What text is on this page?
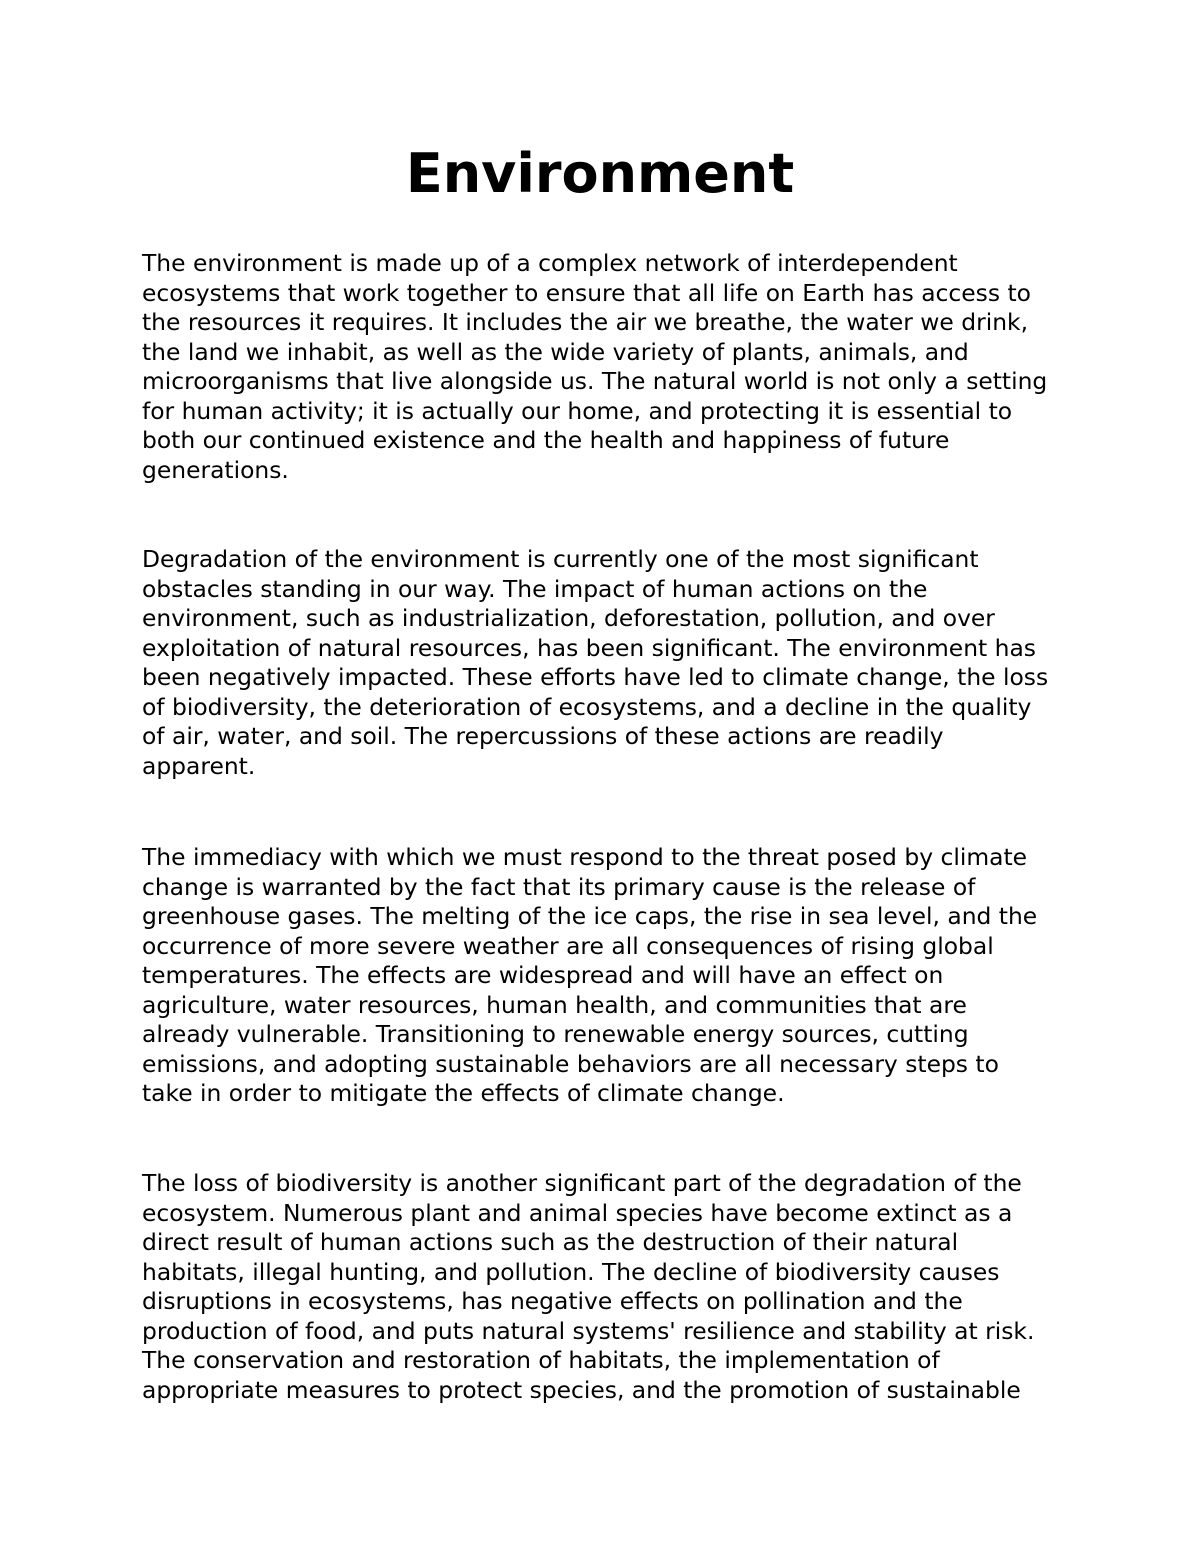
Environment

The environment is made up of a complex network of interdependent
ecosystems that work together to ensure that all life on Earth has access to
the resources it requires. It includes the air we breathe, the water we drink,
the land we inhabit, as well as the wide variety of plants, animals, and
microorganisms that live alongside us. The natural world is not only a setting
for human activity; it is actually our home, and protecting it is essential to
both our continued existence and the health and happiness of future
generations.

Degradation of the environment is currently one of the most significant
obstacles standing in our way. The impact of human actions on the
environment, such as industrialization, deforestation, pollution, and over
exploitation of natural resources, has been significant. The environment has
been negatively impacted. These efforts have led to climate change, the loss
of biodiversity, the deterioration of ecosystems, and a decline in the quality
of air, water, and soil. The repercussions of these actions are readily
apparent.

The immediacy with which we must respond to the threat posed by climate
change is warranted by the fact that its primary cause is the release of
greenhouse gases. The melting of the ice caps, the rise in sea level, and the
occurrence of more severe weather are all consequences of rising global
temperatures. The effects are widespread and will have an effect on
agriculture, water resources, human health, and communities that are
already vulnerable. Transitioning to renewable energy sources, cutting
emissions, and adopting sustainable behaviors are all necessary steps to
take in order to mitigate the effects of climate change.

The loss of biodiversity is another significant part of the degradation of the
ecosystem. Numerous plant and animal species have become extinct as a
direct result of human actions such as the destruction of their natural
habitats, illegal hunting, and pollution. The decline of biodiversity causes
disruptions in ecosystems, has negative effects on pollination and the
production of food, and puts natural systems' resilience and stability at risk.
The conservation and restoration of habitats, the implementation of
appropriate measures to protect species, and the promotion of sustainable
